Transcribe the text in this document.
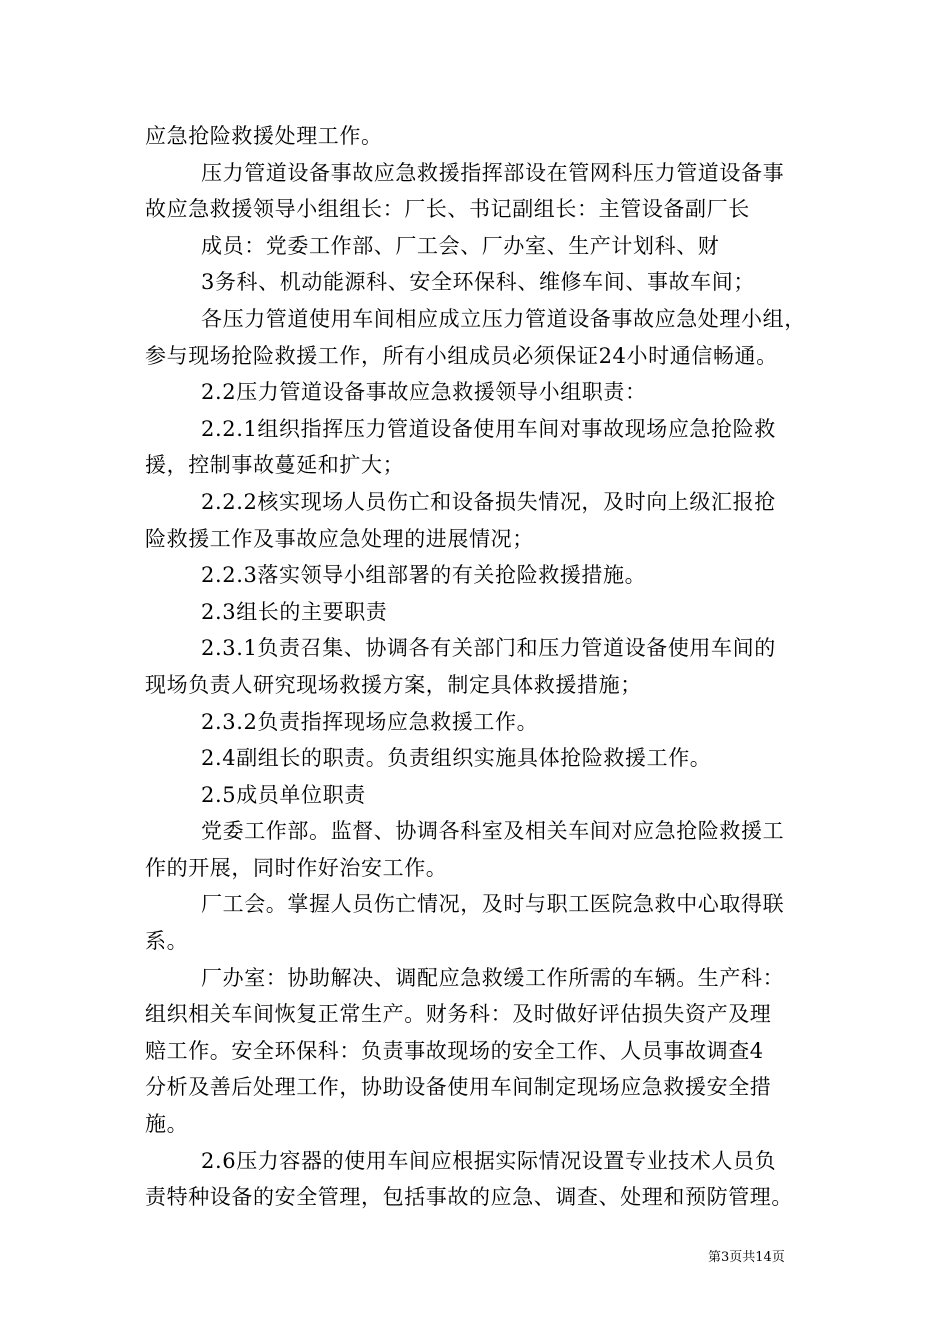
应急抢险救援处理工作。
压力管道设备事故应急救援指挥部设在管网科压力管道设备事
故应急救援领导小组组长：厂长、书记副组长：主管设备副厂长
成员：党委工作部、厂工会、厂办室、生产计划科、财
3务科、机动能源科、安全环保科、维修车间、事故车间；
各压力管道使用车间相应成立压力管道设备事故应急处理小组，
参与现场抢险救援工作，所有小组成员必须保证24小时通信畅通。
2.2压力管道设备事故应急救援领导小组职责：
2.2.1组织指挥压力管道设备使用车间对事故现场应急抢险救
援，控制事故蔓延和扩大；
2.2.2核实现场人员伤亡和设备损失情况，及时向上级汇报抢
险救援工作及事故应急处理的进展情况；
2.2.3落实领导小组部署的有关抢险救援措施。
2.3组长的主要职责
2.3.1负责召集、协调各有关部门和压力管道设备使用车间的
现场负责人研究现场救援方案，制定具体救援措施；
2.3.2负责指挥现场应急救援工作。
2.4副组长的职责。负责组织实施具体抢险救援工作。
2.5成员单位职责
党委工作部。监督、协调各科室及相关车间对应急抢险救援工
作的开展，同时作好治安工作。
厂工会。掌握人员伤亡情况，及时与职工医院急救中心取得联
系。
厂办室：协助解决、调配应急救缓工作所需的车辆。生产科：
组织相关车间恢复正常生产。财务科：及时做好评估损失资产及理
赔工作。安全环保科：负责事故现场的安全工作、人员事故调查4
分析及善后处理工作，协助设备使用车间制定现场应急救援安全措
施。
2.6压力容器的使用车间应根据实际情况设置专业技术人员负
责特种设备的安全管理，包括事故的应急、调查、处理和预防管理。
第3页共14页
